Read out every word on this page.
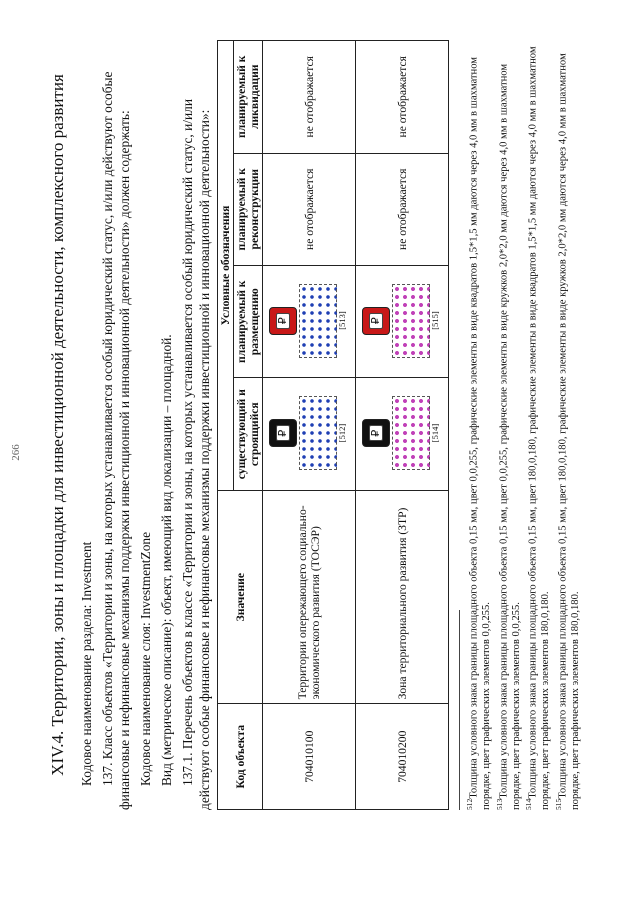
266 XIV.4. Территории, зоны и площадки для инвестиционной деятельности, комплексного развития Кодовое наименование раздела: Investment 137. Класс объектов «Территории и зоны, на которых устанавливается особый юридический статус, и/или действуют особые финансовые и нефинансовые механизмы поддержки инвестиционной и инновационной деятельности» должен содержать: Кодовое наименование слоя: InvestmentZone Вид (метрическое описание): объект, имеющий вид локализации – площадной. 137.1. Перечень объектов в классе «Территории и зоны, на которых устанавливается особый юридический статус, и/или действуют особые финансовые и нефинансовые механизмы поддержки инвестиционной и инновационной деятельности»: Код объекта	Значение	Условные обозначения			
		существующий и строящийся	планируемый к размещению	планируемый к реконструкции	планируемый к ликвидации
704010100	Территории опережающего социально-экономического развития (ТОСЭР)	₽ [512]	₽ [513]	не отображается	не отображается
704010200	Зона территориального развития (ЗТР)	₽ [514]	₽ [515]	не отображается	не отображается

$^{512}$Толщина условного знака границы площадного объекта 0,15 мм, цвет 0,0,255, графические элементы в виде квадратов 1,5*1,5 мм даются через 4,0 мм в шахматном порядке, цвет графических элементов 0,0,255. $^{513}$Толщина условного знака границы площадного объекта 0,15 мм, цвет 0,0,255, графические элементы в виде кружков 2,0*2,0 мм даются через 4,0 мм в шахматном порядке, цвет графических элементов 0,0,255. $^{514}$Толщина условного знака границы площадного объекта 0,15 мм, цвет 180,0,180, графические элементы в виде квадратов 1,5*1,5 мм даются через 4,0 мм в шахматном порядке, цвет графических элементов 180,0,180. $^{515}$Толщина условного знака границы площадного объекта 0,15 мм, цвет 180,0,180, графические элементы в виде кружков 2,0*2,0 мм даются через 4,0 мм в шахматном порядке, цвет графических элементов 180,0,180.
